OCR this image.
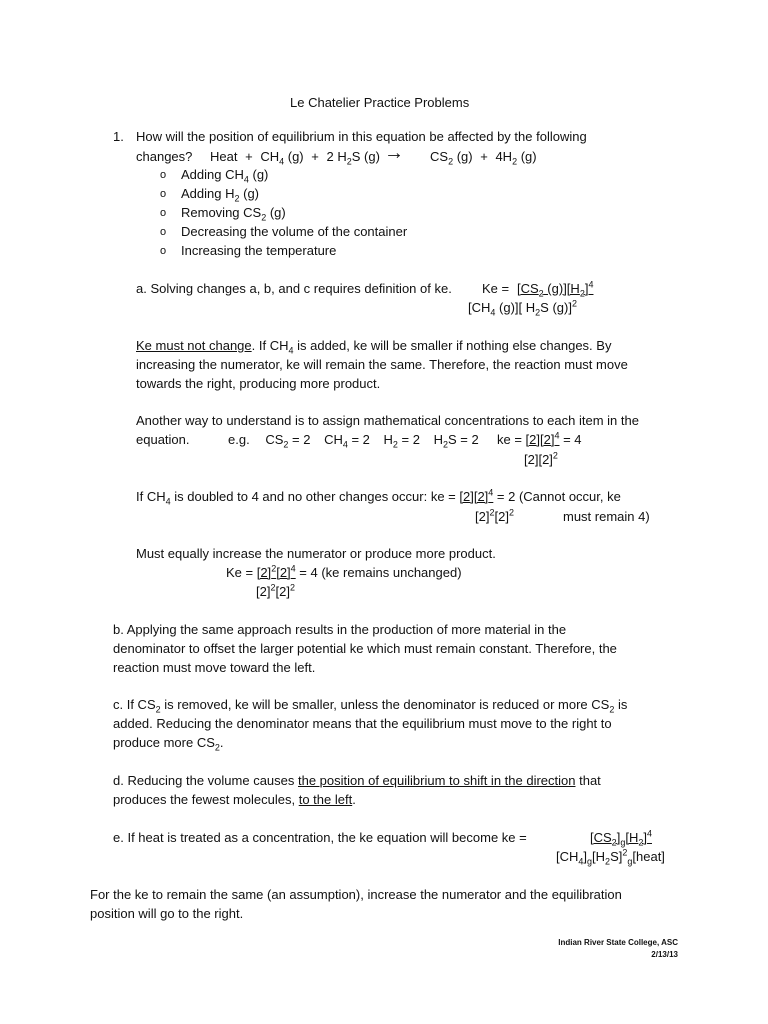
Le Chatelier Practice Problems
1. How will the position of equilibrium in this equation be affected by the following
changes? Heat + $CH_4$ (g) + 2 $H_2S$ $(g) \to CS_2$ $(g) + 4H_2$ (g)
o Adding $CH_4$ (g)
o Adding $H_2$ (g)
o Removing $CS_2$ (g)
o Decreasing the volume of the container
o Increasing the temperature
a. Solving changes a, b, and c requires definition of ke. $Ke = [CS_2$ $(g)][H_2]^4$
[$CH_4$ (g)][ $H_2S$ (g)]$^2$
Ke must not change. If $CH_4$ is added, ke will be smaller if nothing else changes. By
increasing the numerator, ke will remain the same. Therefore, the reaction must move
towards the right, producing more product.
Another way to understand is to assign mathematical concentrations to each item in the
equation.	e.g. $CS_2 = 2$ $CH_4 = 2$ $H_2 = 2$ $H_2S = 2$ ke = $[2][2]^4 = 4$
$[2][2]^2$
If $CH_4$ is doubled to 4 and no other changes occur: ke = $[2][2]^4 = 2$ (Cannot occur, ke
$[2]^2[2]^2$	must remain 4)
Must equally increase the numerator or produce more product.
$Ke = [2]^2[2]^4 = 4$ (ke remains unchanged)
$[2]^2[2]^2$
b. Applying the same approach results in the production of more material in the
denominator to offset the larger potential ke which must remain constant. Therefore, the
reaction must move toward the left.
c. If $CS_2$ is removed, ke will be smaller, unless the denominator is reduced or more $CS_2$ is
added. Reducing the denominator means that the equilibrium must move to the right to
produce more $CS_2$.
d. Reducing the volume causes the position of equilibrium to shift in the direction that
produces the fewest molecules, to the left.
e. If heat is treated as a concentration, the ke equation will become ke =	$[CS_2]_g[H_2]^4$
$[CH_4]_g[H_2S]^2_g[heat]$
For the ke to remain the same (an assumption), increase the numerator and the equilibration
position will go to the right.
Indian River State College, ASC
2/13/13
